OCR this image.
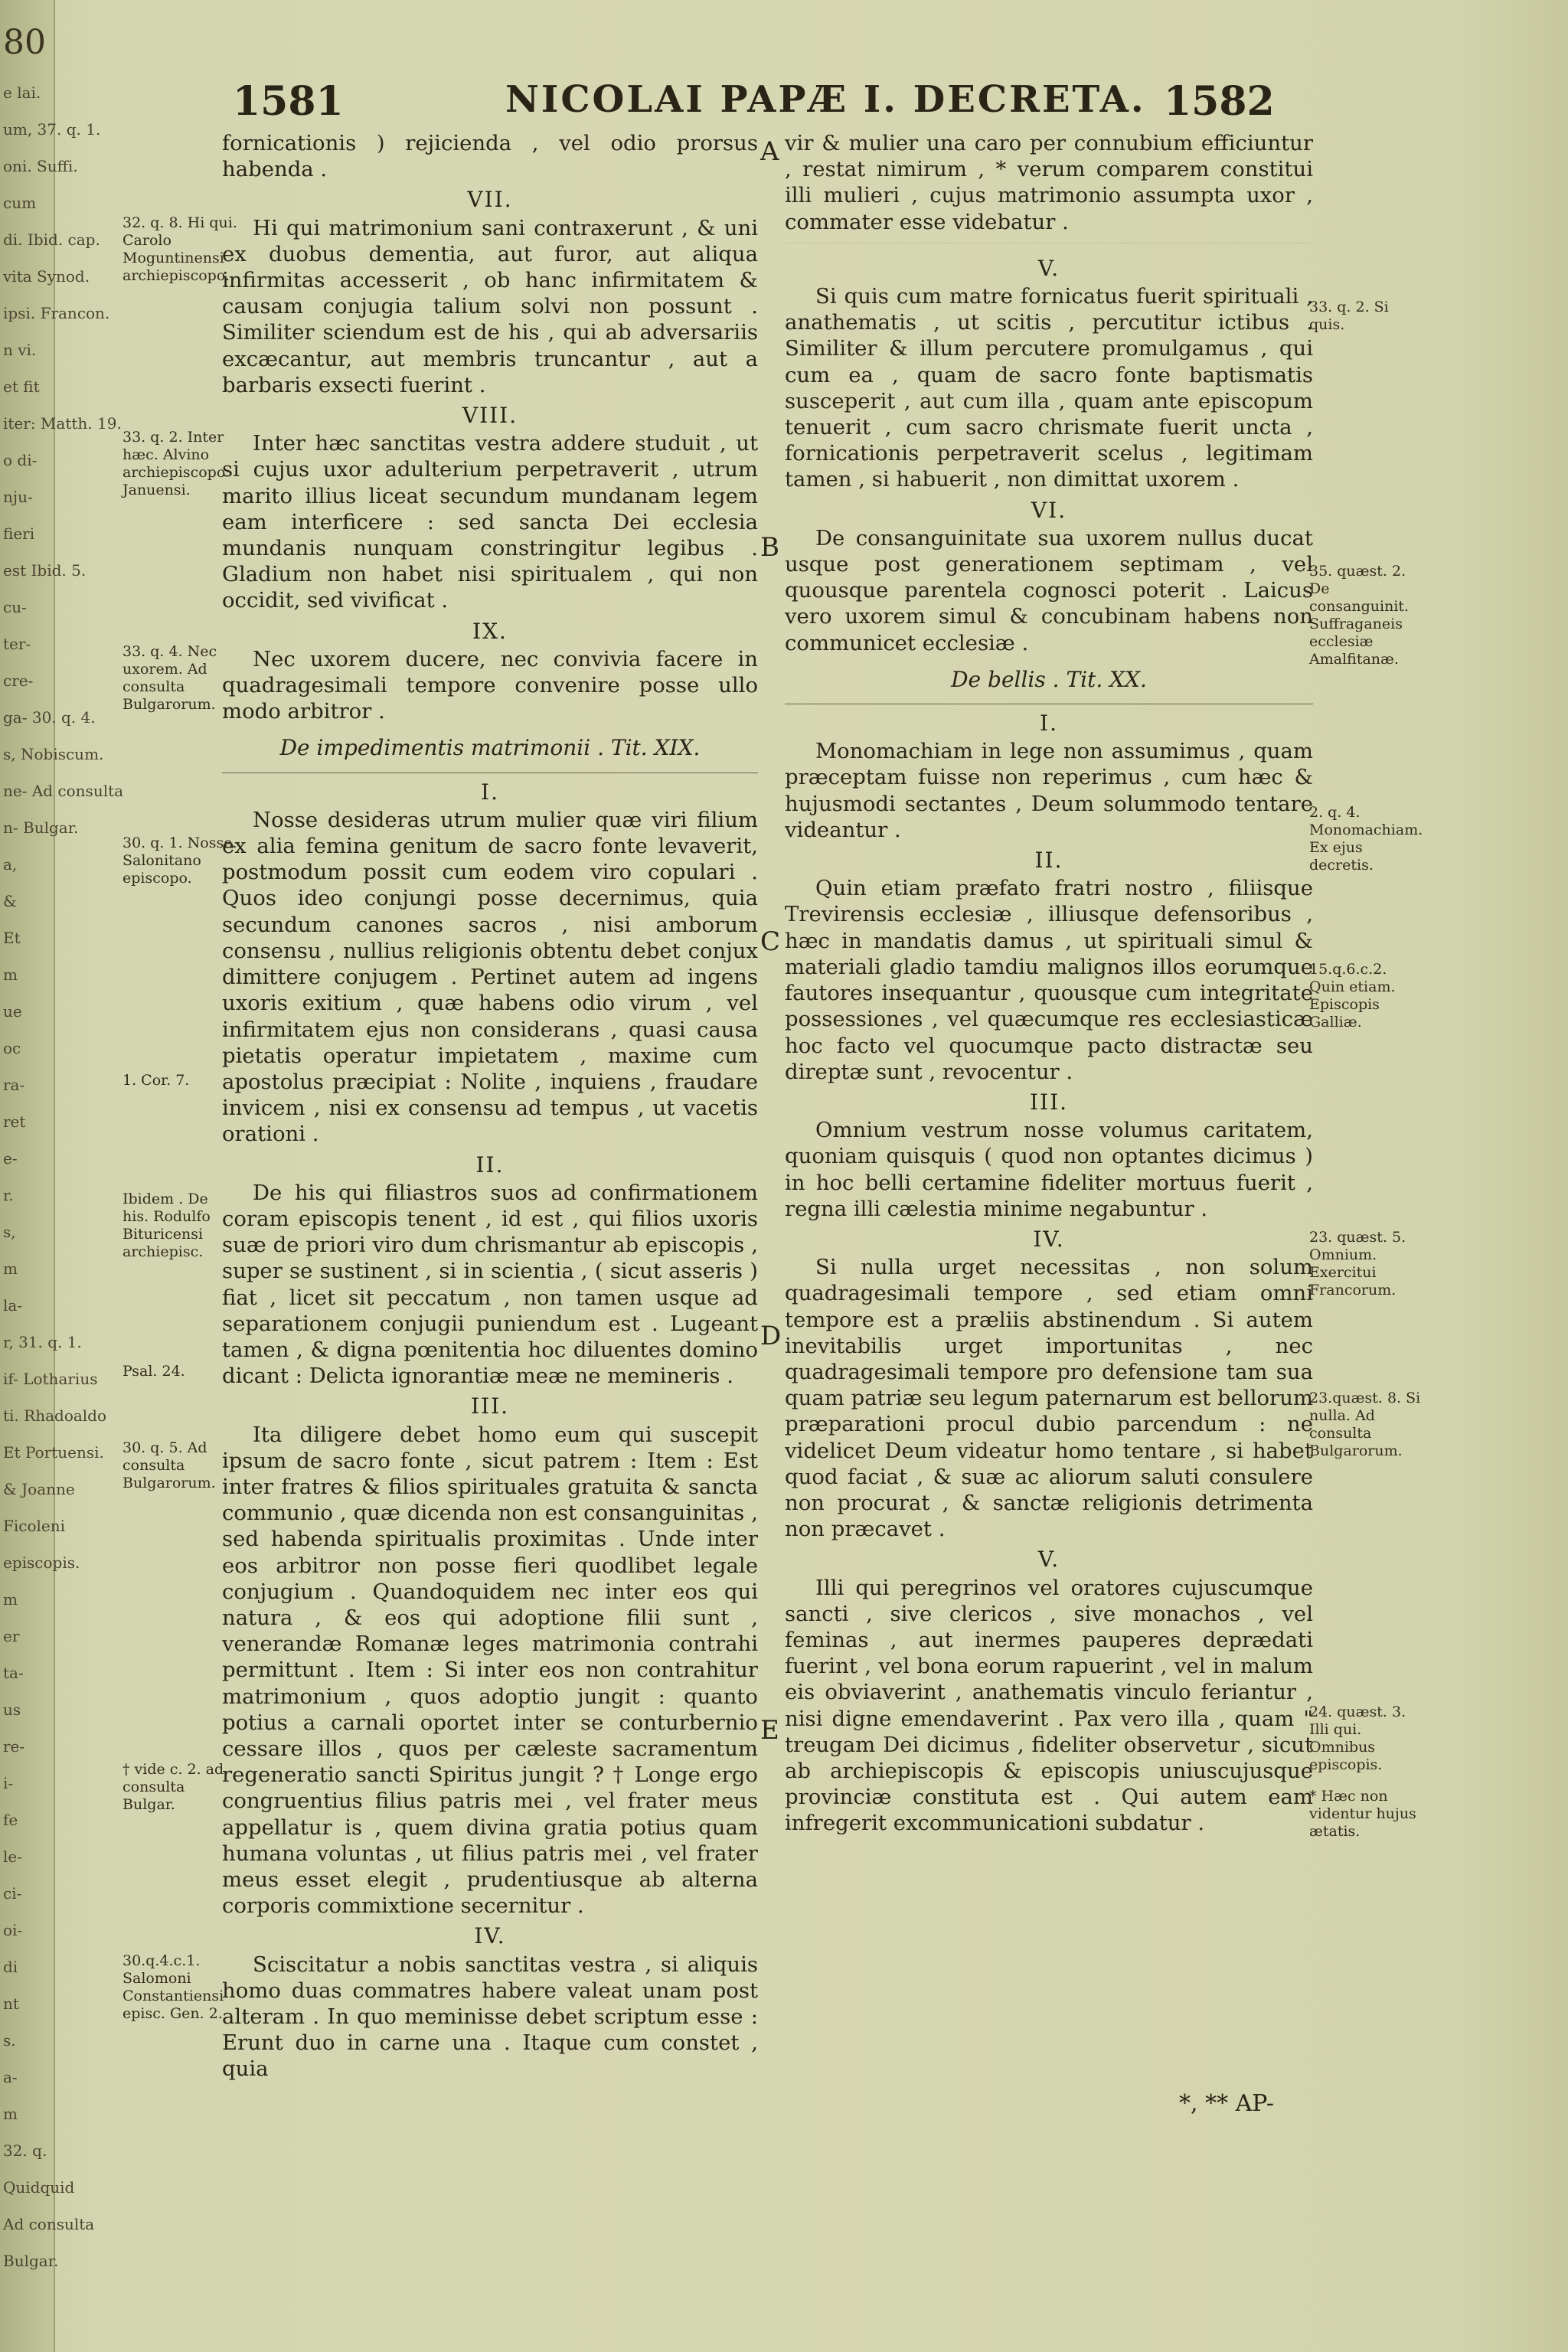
80
e lai.
um, 37. q. 1.
oni. Suffi.
cum
di. Ibid. cap.
vita Synod.
ipsi. Francon.
n vi.
et fit
iter: Matth. 19.
o di-
nju-
fieri
est Ibid. 5.
cu-
ter-
cre-
ga- 30. q. 4.
s, Nobiscum.
ne- Ad consulta
n- Bulgar.
a,
&
Et
m
ue
oc
ra-
ret
e-
r.
s,
m
la-
r, 31. q. 1.
if- Lotharius
ti. Rhadoaldo
Et Portuensi.
& Joanne
Ficoleni
episcopis.
m
er
ta-
us
re-
i-
fe
le-
ci-
oi-
di
nt
s.
a-
m
32. q.
Quidquid
Ad consulta
Bulgar.
1581	NICOLAI PAPÆ I. DECRETA. 1582

fornicationis ) rejicienda , vel odio prorsus habenda .

VII.

Hi qui matrimonium sani contraxerunt , & uni ex duobus dementia, aut furor, aut aliqua infirmitas accesserit , ob hanc infirmitatem & causam conjugia talium solvi non possunt . Similiter sciendum est de his , qui ab adversariis excæcantur, aut membris truncantur , aut a barbaris exsecti fuerint .

VIII.

Inter hæc sanctitas vestra addere studuit , ut si cujus uxor adulterium perpetraverit , utrum marito illius liceat secundum mundanam legem eam interficere : sed sancta Dei ecclesia mundanis nunquam constringitur legibus . Gladium non habet nisi spiritualem , qui non occidit, sed vivificat .

IX.

Nec uxorem ducere, nec convivia facere in quadragesimali tempore convenire posse ullo modo arbitror .

De impedimentis matrimonii . Tit. XIX.
I.

Nosse desideras utrum mulier quæ viri filium ex alia femina genitum de sacro fonte levaverit, postmodum possit cum eodem viro copulari . Quos ideo conjungi posse decernimus, quia secundum canones sacros , nisi amborum consensu , nullius religionis obtentu debet conjux dimittere conjugem . Pertinet autem ad ingens uxoris exitium , quæ habens odio virum , vel infirmitatem ejus non considerans , quasi causa pietatis operatur impietatem , maxime cum apostolus præcipiat : Nolite , inquiens , fraudare invicem , nisi ex consensu ad tempus , ut vacetis orationi .

II.

De his qui filiastros suos ad confirmationem coram episcopis tenent , id est , qui filios uxoris suæ de priori viro dum chrismantur ab episcopis , super se sustinent , si in scientia , ( sicut asseris ) fiat , licet sit peccatum , non tamen usque ad separationem conjugii puniendum est . Lugeant tamen , & digna pœnitentia hoc diluentes domino dicant : Delicta ignorantiæ meæ ne memineris .

III.

Ita diligere debet homo eum qui suscepit ipsum de sacro fonte , sicut patrem : Item : Est inter fratres & filios spirituales gratuita & sancta communio , quæ dicenda non est consanguinitas , sed habenda spiritualis proximitas . Unde inter eos arbitror non posse fieri quodlibet legale conjugium . Quandoquidem nec inter eos qui natura , & eos qui adoptione filii sunt , venerandæ Romanæ leges matrimonia contrahi permittunt . Item : Si inter eos non contrahitur matrimonium , quos adoptio jungit : quanto potius a carnali oportet inter se conturbernio cessare illos , quos per cæleste sacramentum regeneratio sancti Spiritus jungit ? † Longe ergo congruentius filius patris mei , vel frater meus appellatur is , quem divina gratia potius quam humana voluntas , ut filius patris mei , vel frater meus esset elegit , prudentiusque ab alterna corporis commixtione secernitur .

IV.

Sciscitatur a nobis sanctitas vestra , si aliquis homo duas commatres habere valeat unam post alteram . In quo meminisse debet scriptum esse : Erunt duo in carne una . Itaque cum constet , quia

vir & mulier una caro per connubium efficiuntur , restat nimirum , * verum comparem constitui illi mulieri , cujus matrimonio assumpta uxor , commater esse videbatur .

V.

Si quis cum matre fornicatus fuerit spirituali , anathematis , ut scitis , percutitur ictibus . Similiter & illum percutere promulgamus , qui cum ea , quam de sacro fonte baptismatis susceperit , aut cum illa , quam ante episcopum tenuerit , cum sacro chrismate fuerit uncta , fornicationis perpetraverit scelus , legitimam tamen , si habuerit , non dimittat uxorem .

VI.

De consanguinitate sua uxorem nullus ducat usque post generationem septimam , vel quousque parentela cognosci poterit . Laicus vero uxorem simul & concubinam habens non communicet ecclesiæ .

De bellis . Tit. XX.
I.

Monomachiam in lege non assumimus , quam præceptam fuisse non reperimus , cum hæc & hujusmodi sectantes , Deum solummodo tentare videantur .

II.

Quin etiam præfato fratri nostro , filiisque Trevirensis ecclesiæ , illiusque defensoribus , hæc in mandatis damus , ut spirituali simul & materiali gladio tamdiu malignos illos eorumque fautores insequantur , quousque cum integritate possessiones , vel quæcumque res ecclesiasticæ hoc facto vel quocumque pacto distractæ seu direptæ sunt , revocentur .

III.

Omnium vestrum nosse volumus caritatem, quoniam quisquis ( quod non optantes dicimus ) in hoc belli certamine fideliter mortuus fuerit , regna illi cælestia minime negabuntur .

IV.

Si nulla urget necessitas , non solum quadragesimali tempore , sed etiam omni tempore est a præliis abstinendum . Si autem inevitabilis urget importunitas , nec quadragesimali tempore pro defensione tam sua quam patriæ seu legum paternarum est bellorum præparationi procul dubio parcendum : ne videlicet Deum videatur homo tentare , si habet quod faciat , & suæ ac aliorum saluti consulere non procurat , & sanctæ religionis detrimenta non præcavet .

V.

Illi qui peregrinos vel oratores cujuscumque sancti , sive clericos , sive monachos , vel feminas , aut inermes pauperes deprædati fuerint , vel bona eorum rapuerint , vel in malum eis obviaverint , anathematis vinculo feriantur , nisi digne emendaverint . Pax vero illa , quam " treugam Dei dicimus , fideliter observetur , sicut ab archiepiscopis & episcopis uniuscujusque provinciæ constituta est . Qui autem eam infregerit excommunicationi subdatur .

A
B
C
D
E
32. q. 8. Hi qui. Carolo Moguntinensi archiepiscopo.
33. q. 2. Inter hæc. Alvino archiepiscopo Januensi.
33. q. 4. Nec uxorem. Ad consulta Bulgarorum.
30. q. 1. Nosse. Salonitano episcopo.
1. Cor. 7.
Ibidem . De his. Rodulfo Bituricensi archiepisc.
Psal. 24.
30. q. 5. Ad consulta Bulgarorum.
† vide c. 2. ad consulta Bulgar.
30.q.4.c.1. Salomoni Constantiensi episc. Gen. 2.
33. q. 2. Si quis.
35. quæst. 2. De consanguinit. Suffraganeis ecclesiæ Amalfitanæ.
2. q. 4. Monomachiam. Ex ejus decretis.
15.q.6.c.2. Quin etiam. Episcopis Galliæ.
23. quæst. 5. Omnium. Exercitui Francorum.
23.quæst. 8. Si nulla. Ad consulta Bulgarorum.
24. quæst. 3. Illi qui. Omnibus episcopis.
* Hæc non videntur hujus ætatis.
*, ** AP-
